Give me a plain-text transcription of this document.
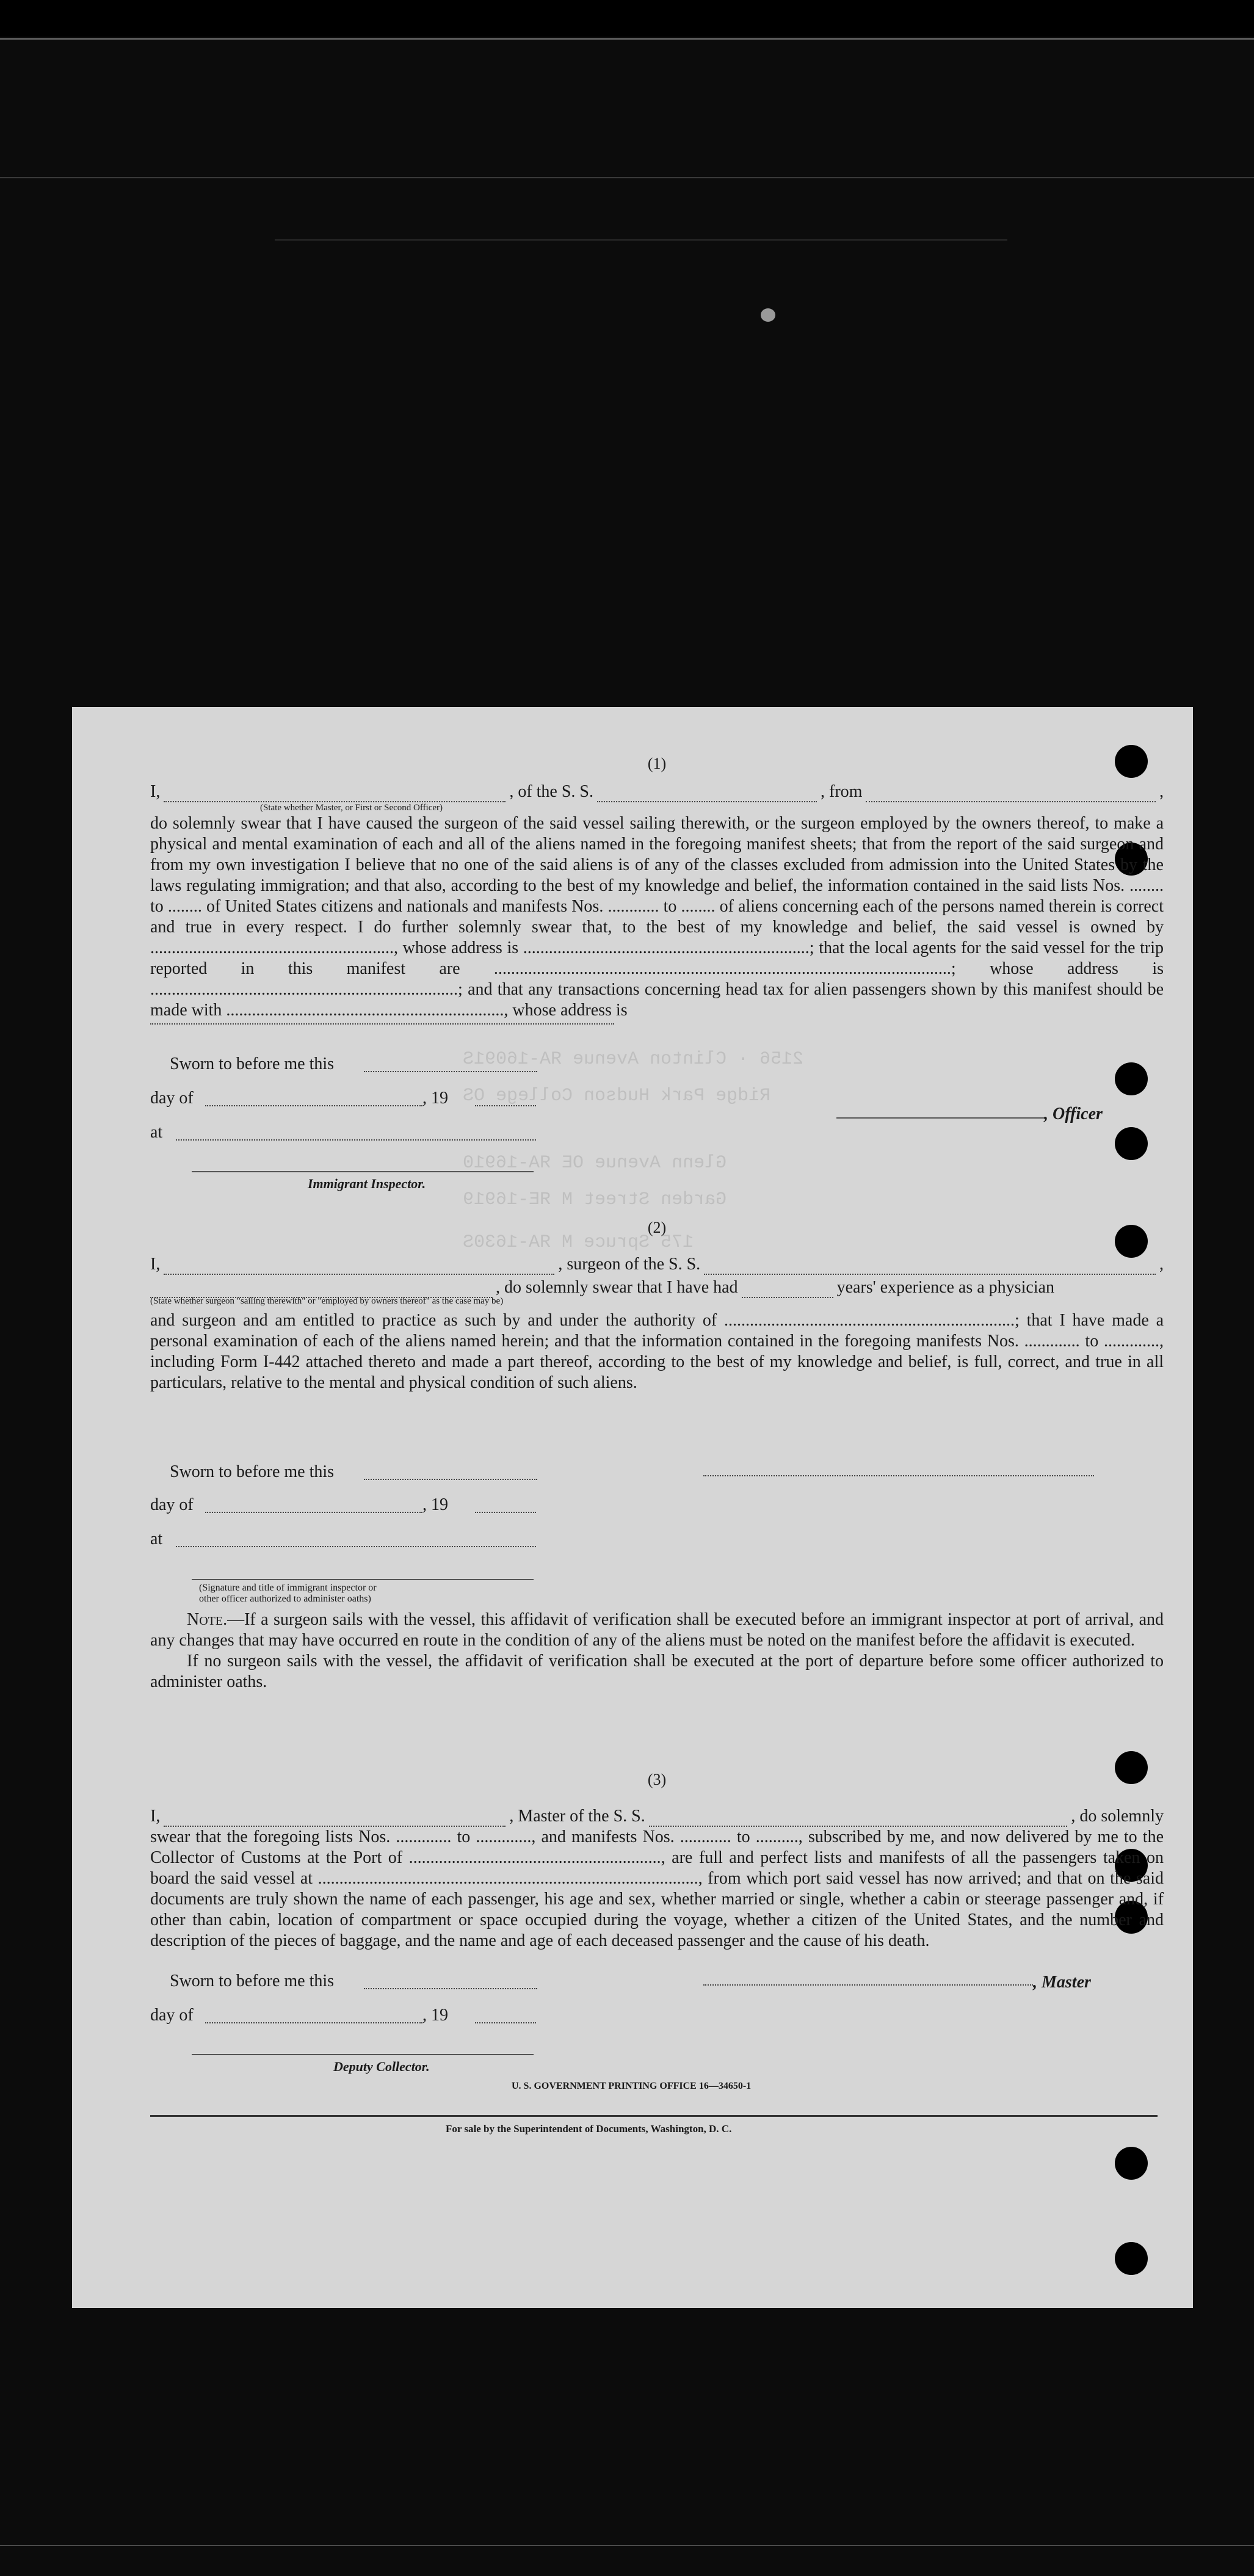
2156 · Clinton Avenue ЯА-16091Ѕ
Ridge Park Hudson College OS
Glenn Avenue OE ЯА-16910
Garden Street M ЯЕ-16919
175 Spruce M ЯА-1630Ѕ
(1)
I,	, of the S. S.	, from	,
(State whether Master, or First or Second Officer)

do solemnly swear that I have caused the surgeon of the said vessel sailing therewith, or the surgeon employed by the owners thereof, to make a physical and mental examination of each and all of the aliens named in the foregoing manifest sheets; that from the report of the said surgeon and from my own investigation I believe that no one of the said aliens is of any of the classes excluded from admission into the United States by the laws regulating immigration; and that also, according to the best of my knowledge and belief, the information contained in the said lists Nos. ........ to ........ of United States citizens and nationals and manifests Nos. ............ to ........ of aliens concerning each of the persons named therein is correct and true in every respect. I do further solemnly swear that, to the best of my knowledge and belief, the said vessel is owned by ........................................................., whose address is ...................................................................; that the local agents for the said vessel for the trip reported in this manifest are ...........................................................................................................; whose address is ........................................................................; and that any transactions concerning head tax for alien passengers shown by this manifest should be made with ................................................................., whose address is

Sworn to before me this
day of	, 19
at
, Officer
Immigrant Inspector.
(2)
I,	, surgeon of the S. S.	,
, do solemnly swear that I have had	years' experience as a physician
(State whether surgeon "sailing therewith" or "employed by owners thereof" as the case may be)

and surgeon and am entitled to practice as such by and under the authority of ....................................................................; that I have made a personal examination of each of the aliens named herein; and that the information contained in the foregoing manifests Nos. ............. to ............., including Form I-442 attached thereto and made a part thereof, according to the best of my knowledge and belief, is full, correct, and true in all particulars, relative to the mental and physical condition of such aliens.

Sworn to before me this
day of	, 19
at
(Signature and title of immigrant inspector or
other officer authorized to administer oaths)

Note.—If a surgeon sails with the vessel, this affidavit of verification shall be executed before an immigrant inspector at port of arrival, and any changes that may have occurred en route in the condition of any of the aliens must be noted on the manifest before the affidavit is executed.

If no surgeon sails with the vessel, the affidavit of verification shall be executed at the port of departure before some officer authorized to administer oaths.

(3)
I,	, Master of the S. S.	, do solemnly

swear that the foregoing lists Nos. ............. to ............., and manifests Nos. ............ to .........., subscribed by me, and now delivered by me to the Collector of Customs at the Port of ..........................................................., are full and perfect lists and manifests of all the passengers taken on board the said vessel at ........................................................................................., from which port said vessel has now arrived; and that on the said documents are truly shown the name of each passenger, his age and sex, whether married or single, whether a cabin or steerage passenger and, if other than cabin, location of compartment or space occupied during the voyage, whether a citizen of the United States, and the number and description of the pieces of baggage, and the name and age of each deceased passenger and the cause of his death.

Sworn to before me this	, Master
day of	, 19
Deputy Collector.
U. S. GOVERNMENT PRINTING OFFICE 16—34650-1
For sale by the Superintendent of Documents, Washington, D. C.
